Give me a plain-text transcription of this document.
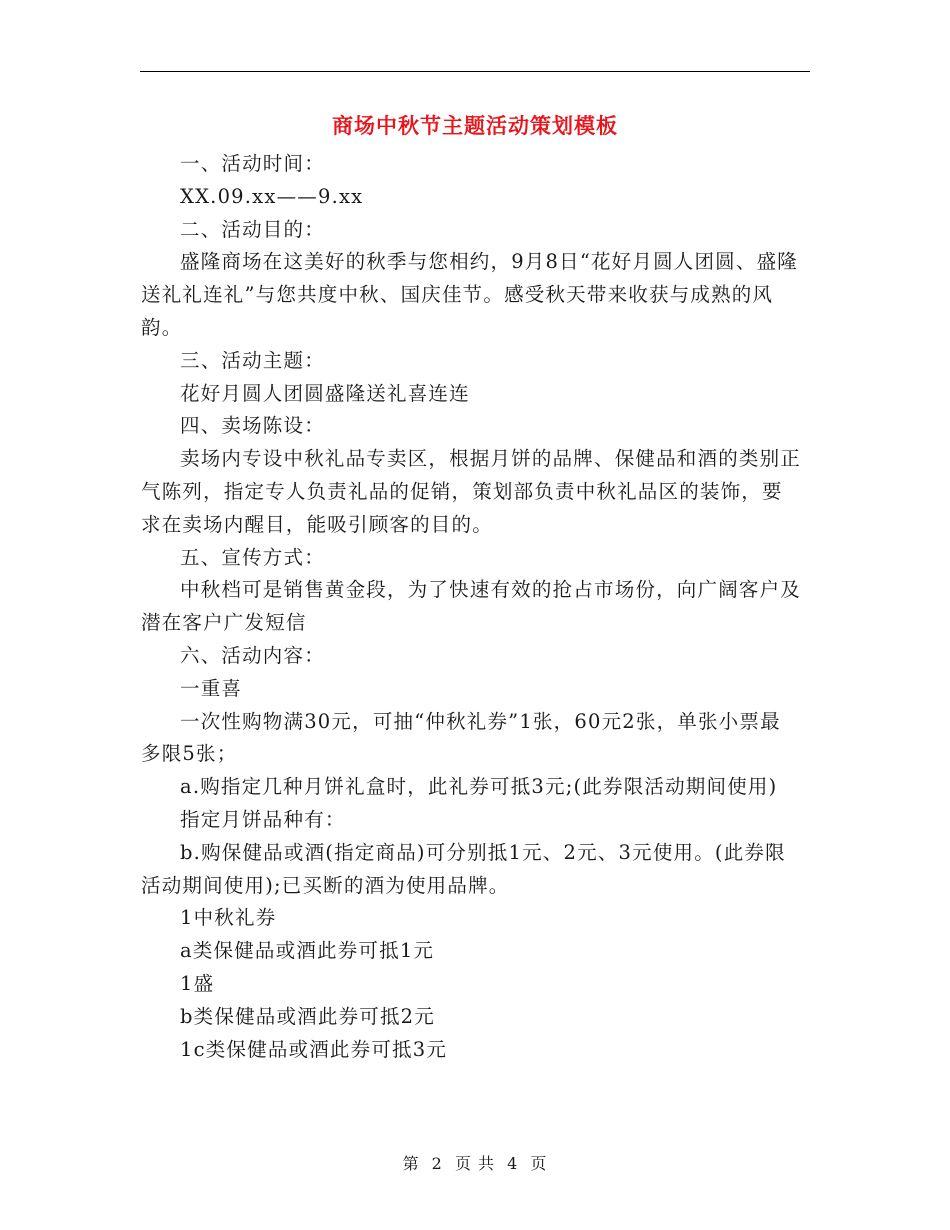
商场中秋节主题活动策划模板

一、活动时间：

XX.09.xx——9.xx

二、活动目的：

盛隆商场在这美好的秋季与您相约，9月8日“花好月圆人团圆、盛隆送礼礼连礼”与您共度中秋、国庆佳节。感受秋天带来收获与成熟的风韵。

三、活动主题：

花好月圆人团圆盛隆送礼喜连连

四、卖场陈设：

卖场内专设中秋礼品专卖区，根据月饼的品牌、保健品和酒的类别正气陈列，指定专人负责礼品的促销，策划部负责中秋礼品区的装饰，要求在卖场内醒目，能吸引顾客的目的。

五、宣传方式：

中秋档可是销售黄金段，为了快速有效的抢占市场份，向广阔客户及潜在客户广发短信

六、活动内容：

一重喜

一次性购物满30元，可抽“仲秋礼券”1张，60元2张，单张小票最多限5张；

a.购指定几种月饼礼盒时，此礼券可抵3元;(此券限活动期间使用)

指定月饼品种有：

b.购保健品或酒(指定商品)可分别抵1元、2元、3元使用。(此券限活动期间使用);已买断的酒为使用品牌。

1中秋礼券

a类保健品或酒此券可抵1元

1盛

b类保健品或酒此券可抵2元

1c类保健品或酒此券可抵3元

第 2 页 共 4 页
